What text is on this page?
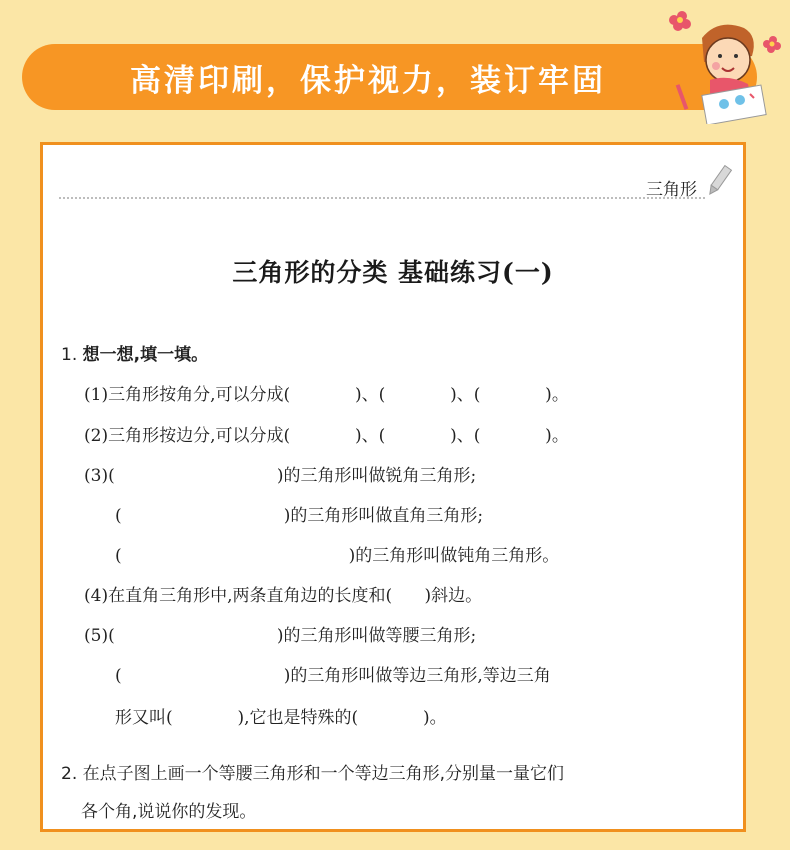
高清印刷，保护视力，装订牢固
三角形
三角形的分类 基础练习(一)
1. 想一想,填一填。
(1)三角形按角分,可以分成(            )、(            )、(            )。
(2)三角形按边分,可以分成(            )、(            )、(            )。
(3)(                              )的三角形叫做锐角三角形;
(                              )的三角形叫做直角三角形;
(                                          )的三角形叫做钝角三角形。
(4)在直角三角形中,两条直角边的长度和(      )斜边。
(5)(                              )的三角形叫做等腰三角形;
(                              )的三角形叫做等边三角形,等边三角
形又叫(            ),它也是特殊的(            )。
2. 在点子图上画一个等腰三角形和一个等边三角形,分别量一量它们
各个角,说说你的发现。
